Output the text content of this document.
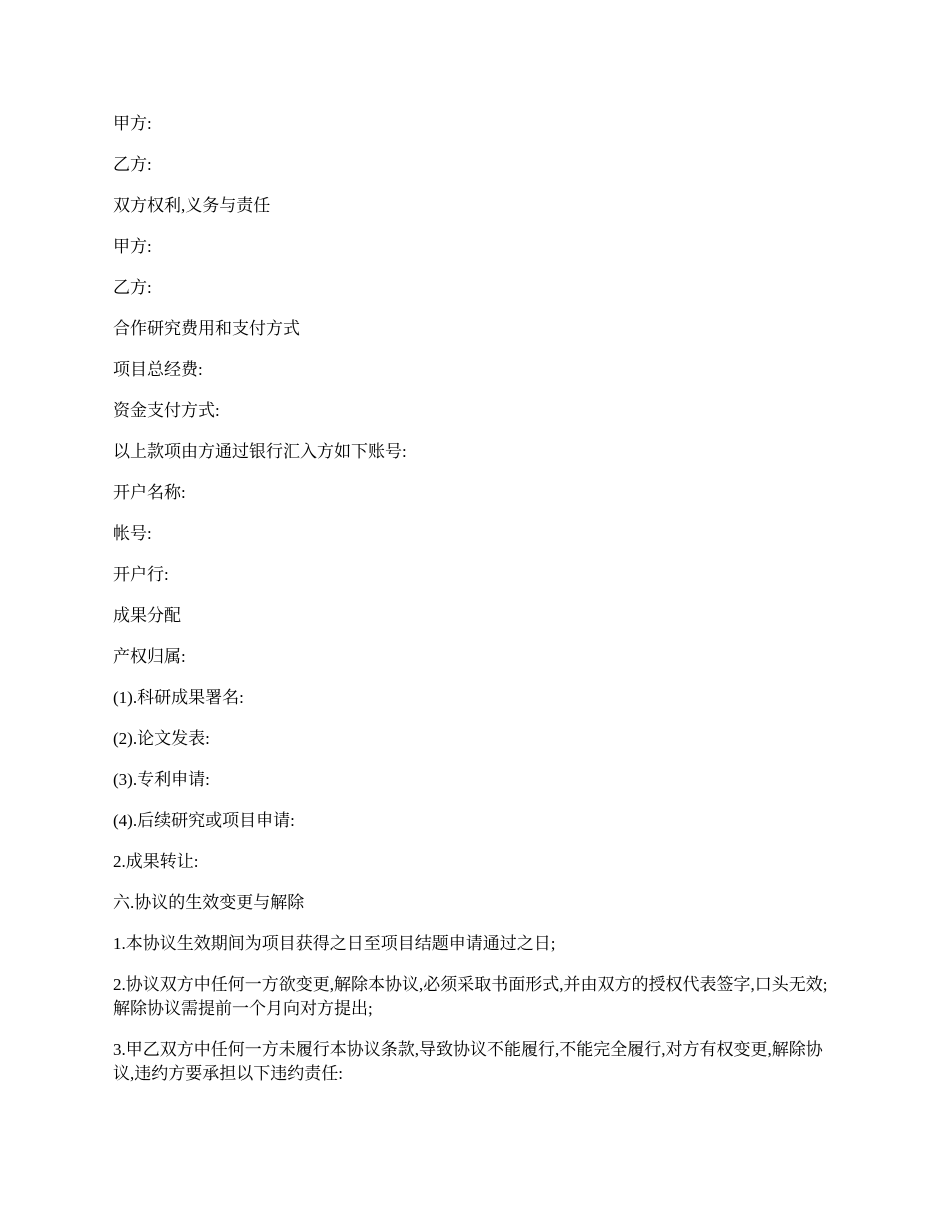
甲方:

乙方:

双方权利,义务与责任

甲方:

乙方:

合作研究费用和支付方式

项目总经费:

资金支付方式:

以上款项由方通过银行汇入方如下账号:

开户名称:

帐号:

开户行:

成果分配

产权归属:

(1).科研成果署名:

(2).论文发表:

(3).专利申请:

(4).后续研究或项目申请:

2.成果转让:

六.协议的生效变更与解除

1.本协议生效期间为项目获得之日至项目结题申请通过之日;

2.协议双方中任何一方欲变更,解除本协议,必须采取书面形式,并由双方的授权代表签字,口头无效;解除协议需提前一个月向对方提出;

3.甲乙双方中任何一方未履行本协议条款,导致协议不能履行,不能完全履行,对方有权变更,解除协议,违约方要承担以下违约责任:
